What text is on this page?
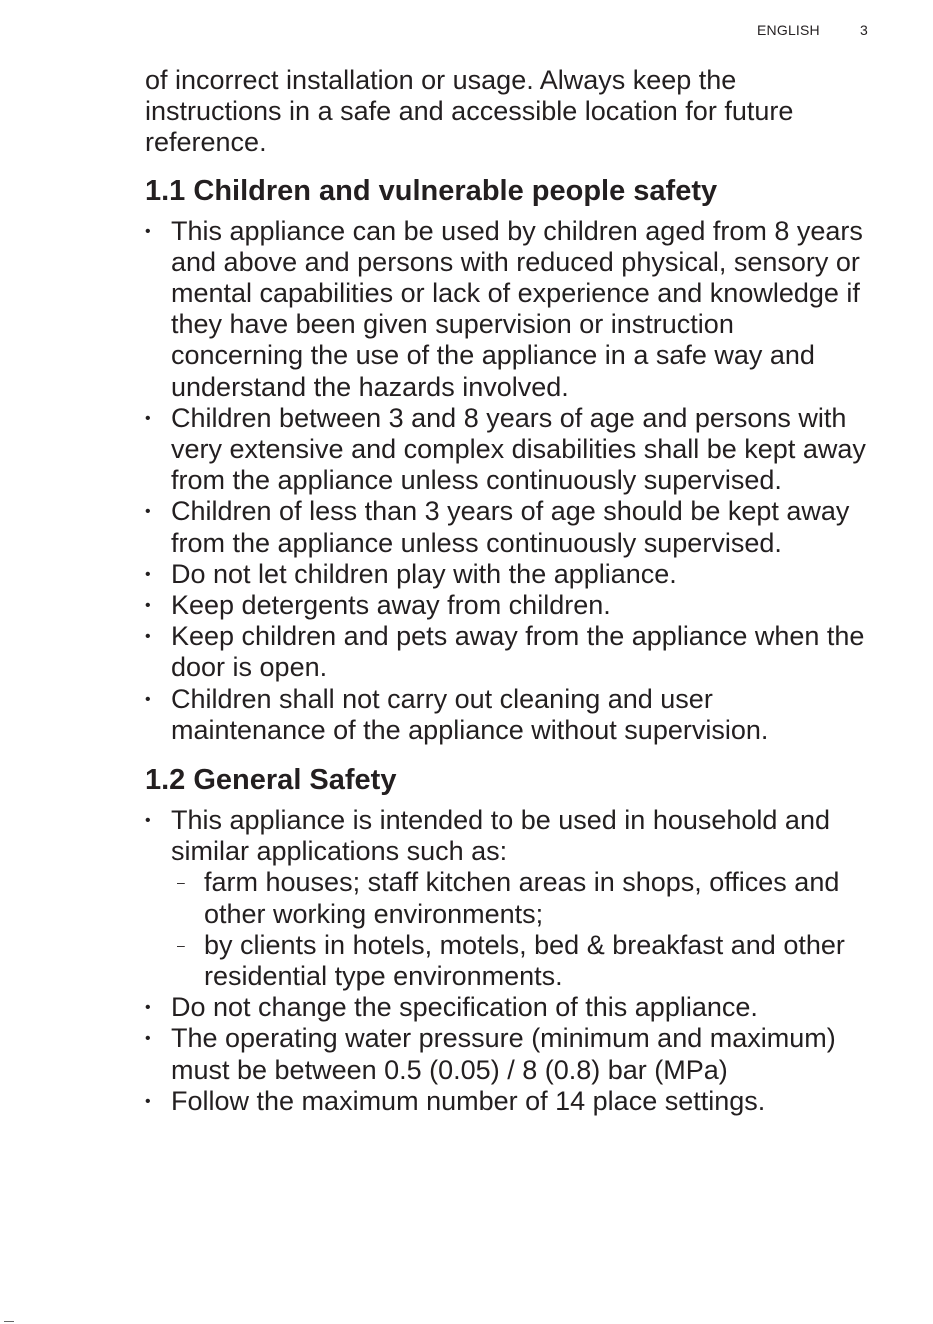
ENGLISH	3

of incorrect installation or usage. Always keep the instructions in a safe and accessible location for future reference.

1.1 Children and vulnerable people safety
• This appliance can be used by children aged from 8 years and above and persons with reduced physical, sensory or mental capabilities or lack of experience and knowledge if they have been given supervision or instruction concerning the use of the appliance in a safe way and understand the hazards involved.
• Children between 3 and 8 years of age and persons with very extensive and complex disabilities shall be kept away from the appliance unless continuously supervised.
• Children of less than 3 years of age should be kept away from the appliance unless continuously supervised.
• Do not let children play with the appliance.
• Keep detergents away from children.
• Keep children and pets away from the appliance when the door is open.
• Children shall not carry out cleaning and user maintenance of the appliance without supervision.
1.2 General Safety
• This appliance is intended to be used in household and similar applications such as:
– farm houses; staff kitchen areas in shops, offices and other working environments;
– by clients in hotels, motels, bed & breakfast and other residential type environments.
• Do not change the specification of this appliance.
• The operating water pressure (minimum and maximum) must be between 0.5 (0.05) / 8 (0.8) bar (MPa)
• Follow the maximum number of 14 place settings.
